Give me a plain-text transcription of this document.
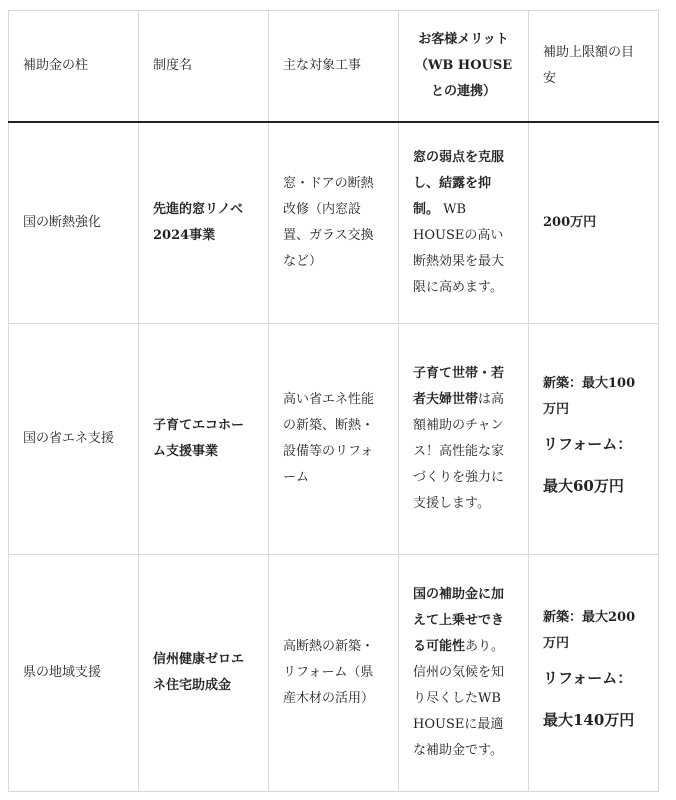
補助金の柱	制度名	主な対象工事	お客様メリット（WB HOUSEとの連携）	補助上限額の目安
国の断熱強化	先進的窓リノベ2024事業	窓・ドアの断熱改修（内窓設置、ガラス交換など）	窓の弱点を克服し、結露を抑制。 WB HOUSEの高い断熱効果を最大限に高めます。	200万円
国の省エネ支援	子育てエコホーム支援事業	高い省エネ性能の新築、断熱・設備等のリフォーム	子育て世帯・若者夫婦世帯は高額補助のチャンス！高性能な家づくりを強力に支援します。	新築：最大100万円
リフォーム：最大60万円

県の地域支援	信州健康ゼロエネ住宅助成金	高断熱の新築・リフォーム（県産木材の活用）	国の補助金に加えて上乗せできる可能性あり。信州の気候を知り尽くしたWB HOUSEに最適な補助金です。	新築：最大200万円
リフォーム：最大140万円
